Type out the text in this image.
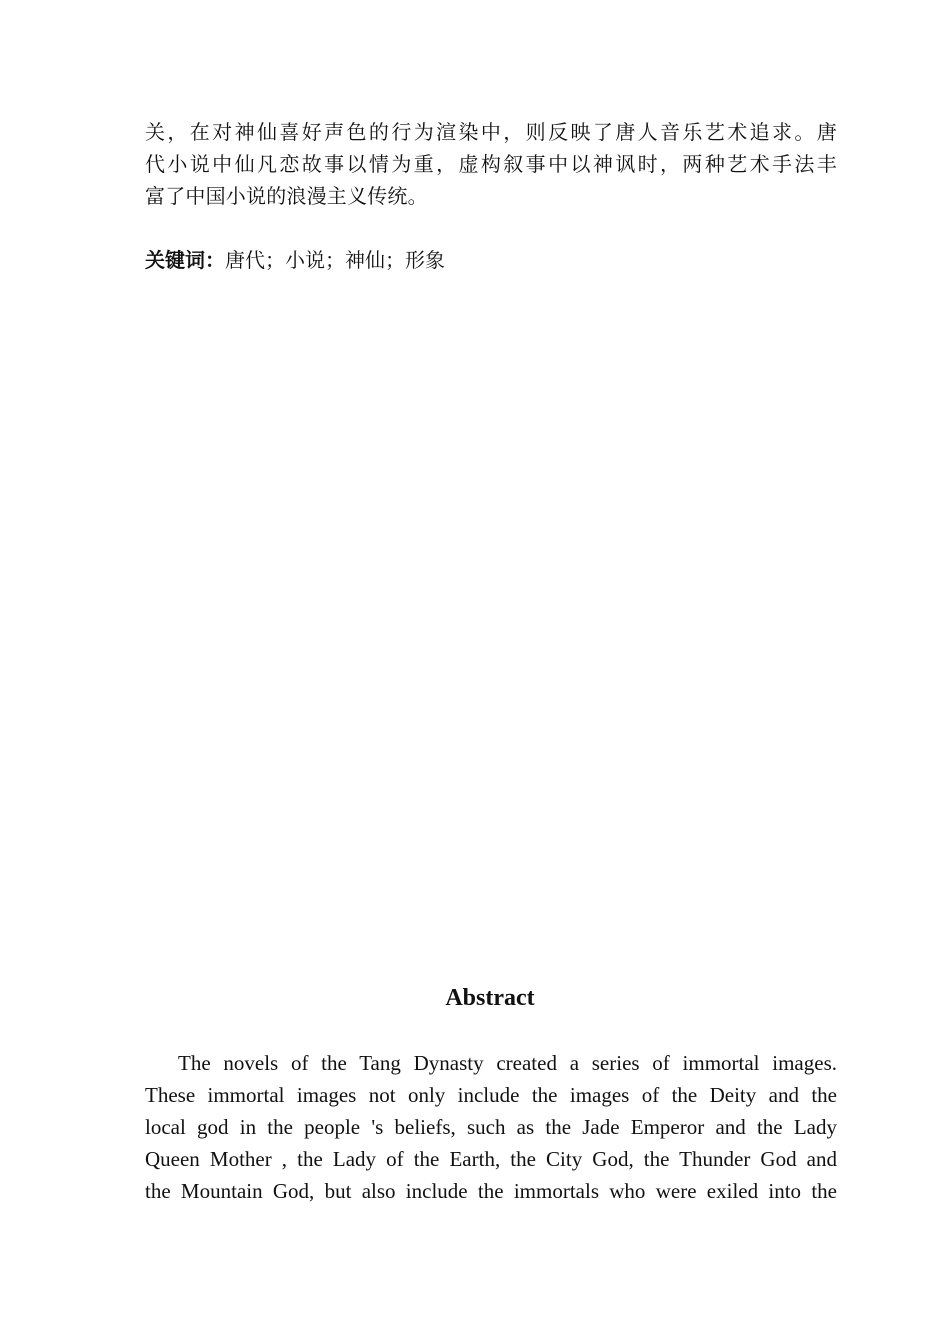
关，在对神仙喜好声色的行为渲染中，则反映了唐人音乐艺术追求。唐
代小说中仙凡恋故事以情为重，虚构叙事中以神讽时，两种艺术手法丰
富了中国小说的浪漫主义传统。

关键词：唐代；小说；神仙；形象

Abstract

The novels of the Tang Dynasty created a series of immortal images.
These immortal images not only include the images of the Deity and the
local god in the people 's beliefs, such as the Jade Emperor and the Lady
Queen Mother , the Lady of the Earth, the City God, the Thunder God and
the Mountain God, but also include the immortals who were exiled into the
